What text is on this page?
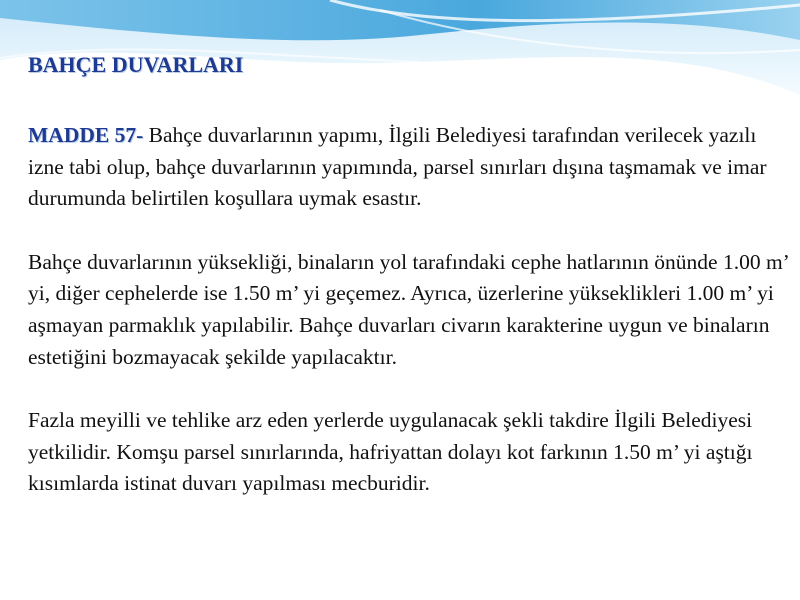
BAHÇE DUVARLARI

MADDE 57- Bahçe duvarlarının yapımı, İlgili Belediyesi tarafından verilecek yazılı izne tabi olup, bahçe duvarlarının yapımında, parsel sınırları dışına taşmamak ve imar durumunda belirtilen koşullara uymak esastır.

Bahçe duvarlarının yüksekliği, binaların yol tarafındaki cephe hatlarının önünde 1.00 m’ yi, diğer cephelerde ise 1.50 m’ yi geçemez. Ayrıca, üzerlerine yükseklikleri 1.00 m’ yi aşmayan parmaklık yapılabilir. Bahçe duvarları civarın karakterine uygun ve binaların estetiğini bozmayacak şekilde yapılacaktır.

Fazla meyilli ve tehlike arz eden yerlerde uygulanacak şekli takdire İlgili Belediyesi yetkilidir. Komşu parsel sınırlarında, hafriyattan dolayı kot farkının 1.50 m’ yi aştığı kısımlarda istinat duvarı yapılması mecburidir.
